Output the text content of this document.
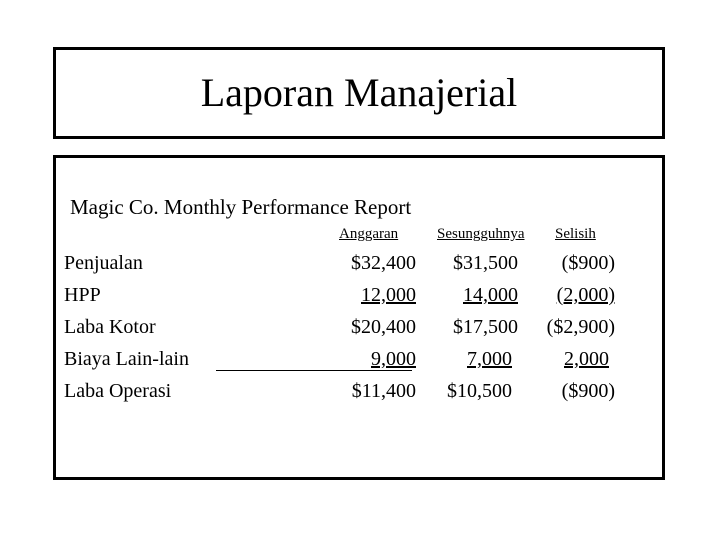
Laporan Manajerial
Magic Co. Monthly Performance Report
Anggaran	Sesungguhnya Selisih
Penjualan
HPP
Laba Kotor
Biaya Lain-lain
Laba Operasi
$32,400
12,000
$20,400
9,000
$11,400
$31,500
14,000
$17,500
7,000
$10,500
($900)
(2,000)
($2,900)
2,000
($900)
